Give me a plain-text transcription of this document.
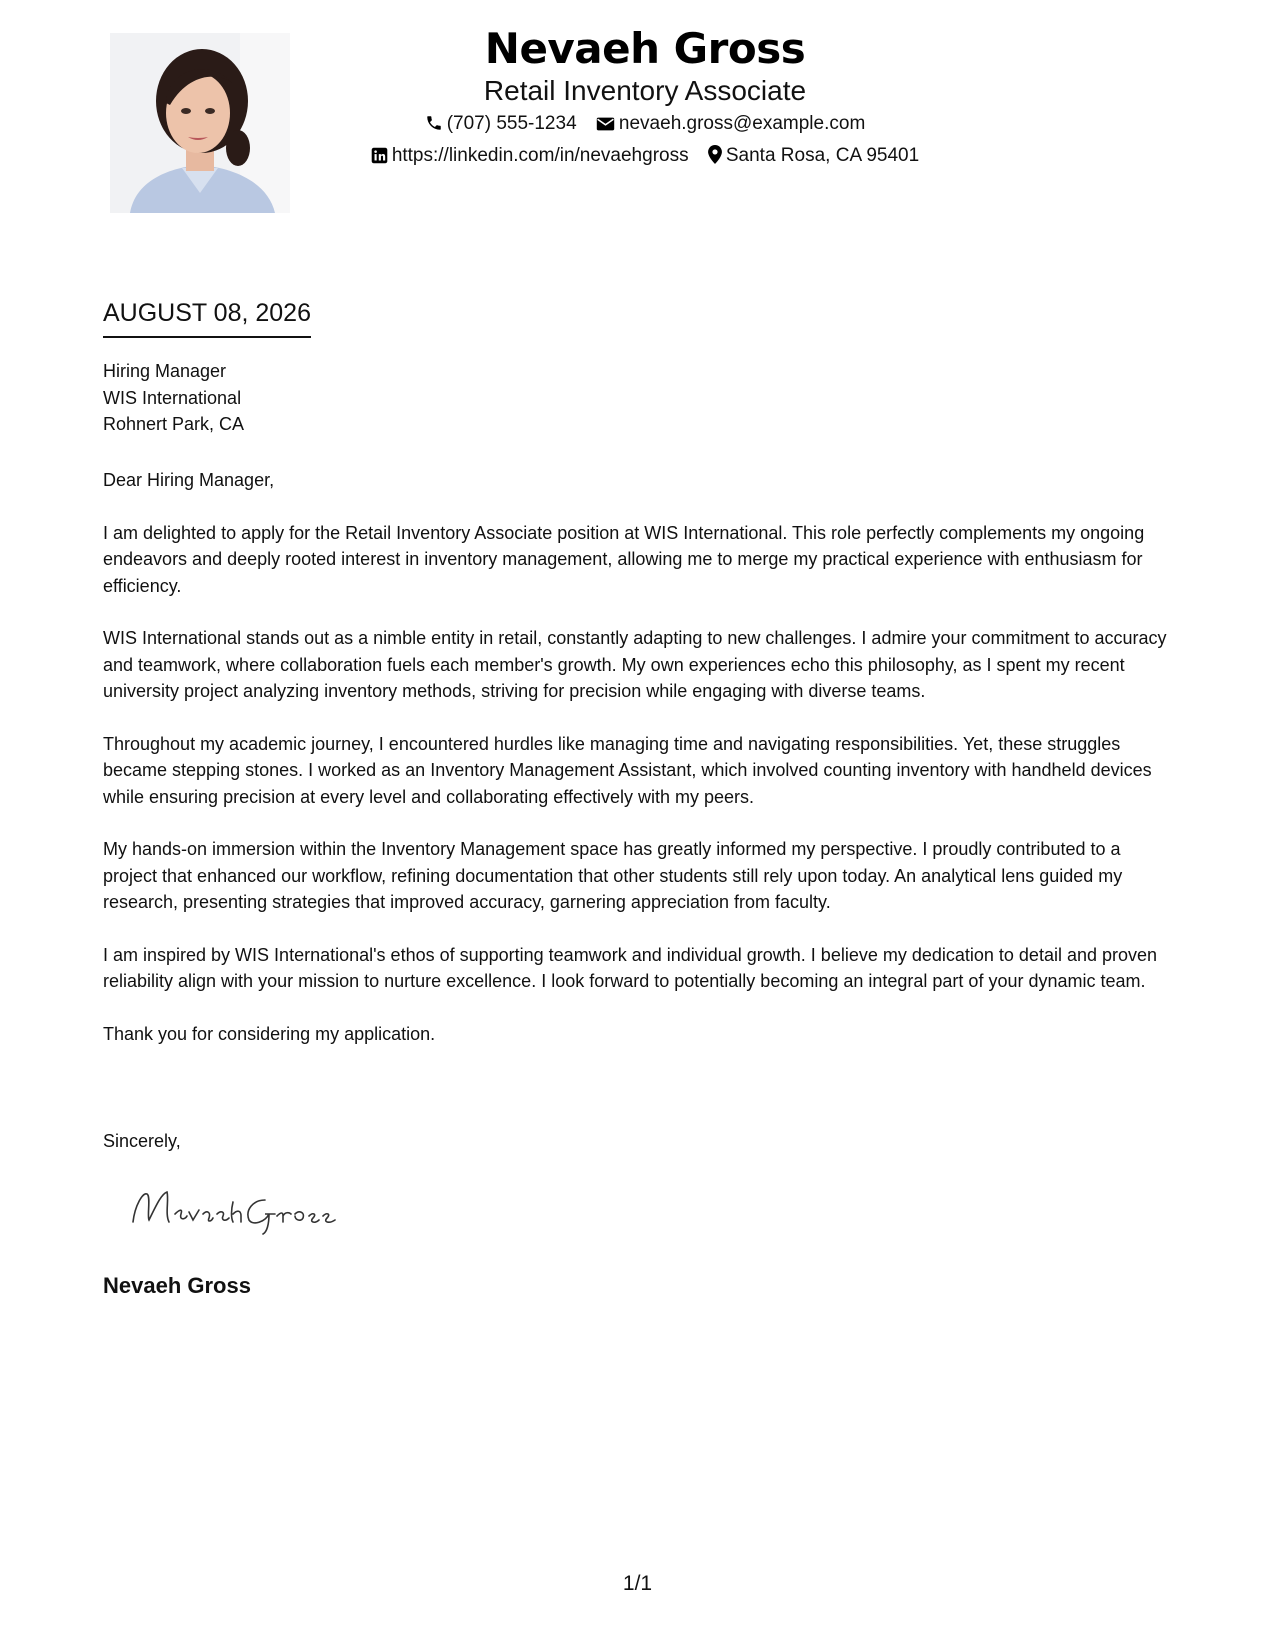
Nevaeh Gross
Retail Inventory Associate
(707) 555-1234 nevaeh.gross@example.com
https://linkedin.com/in/nevaehgross Santa Rosa, CA 95401
AUGUST 08, 2026
Hiring Manager
WIS International
Rohnert Park, CA

Dear Hiring Manager,

I am delighted to apply for the Retail Inventory Associate position at WIS International. This role perfectly complements my ongoing endeavors and deeply rooted interest in inventory management, allowing me to merge my practical experience with enthusiasm for efficiency.

WIS International stands out as a nimble entity in retail, constantly adapting to new challenges. I admire your commitment to accuracy and teamwork, where collaboration fuels each member's growth. My own experiences echo this philosophy, as I spent my recent university project analyzing inventory methods, striving for precision while engaging with diverse teams.

Throughout my academic journey, I encountered hurdles like managing time and navigating responsibilities. Yet, these struggles became stepping stones. I worked as an Inventory Management Assistant, which involved counting inventory with handheld devices while ensuring precision at every level and collaborating effectively with my peers.

My hands-on immersion within the Inventory Management space has greatly informed my perspective. I proudly contributed to a project that enhanced our workflow, refining documentation that other students still rely upon today. An analytical lens guided my research, presenting strategies that improved accuracy, garnering appreciation from faculty.

I am inspired by WIS International's ethos of supporting teamwork and individual growth. I believe my dedication to detail and proven reliability align with your mission to nurture excellence. I look forward to potentially becoming an integral part of your dynamic team.

Thank you for considering my application.

Sincerely,
Nevaeh Gross
1/1
